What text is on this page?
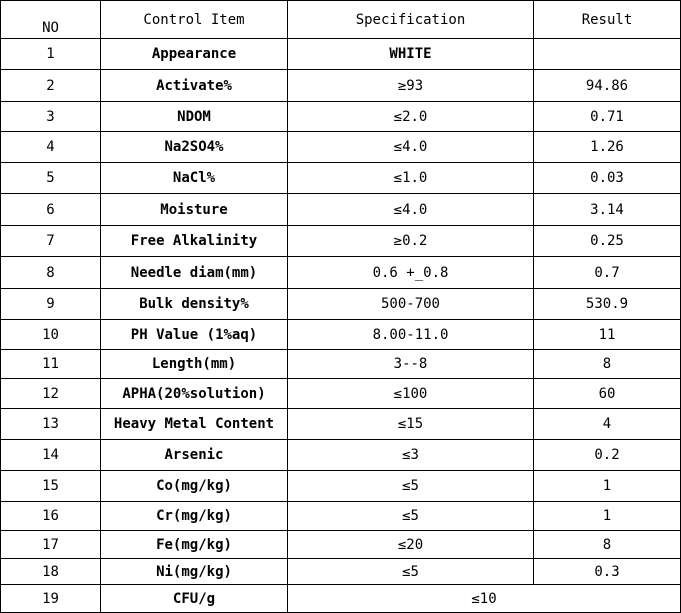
NO	Control Item	Specification	Result
1	Appearance	WHITE	
2	Activate%	≥93	94.86
3	NDOM	≤2.0	0.71
4	Na2SO4%	≤4.0	1.26
5	NaCl%	≤1.0	0.03
6	Moisture	≤4.0	3.14
7	Free Alkalinity	≥0.2	0.25
8	Needle diam(mm)	0.6 +_0.8	0.7
9	Bulk density%	500-700	530.9
10	PH Value (1%aq)	8.00-11.0	11
11	Length(mm)	3--8	8
12	APHA(20%solution)	≤100	60
13	Heavy Metal Content	≤15	4
14	Arsenic	≤3	0.2
15	Co(mg/kg)	≤5	1
16	Cr(mg/kg)	≤5	1
17	Fe(mg/kg)	≤20	8
18	Ni(mg/kg)	≤5	0.3
19	CFU/g	≤10	
